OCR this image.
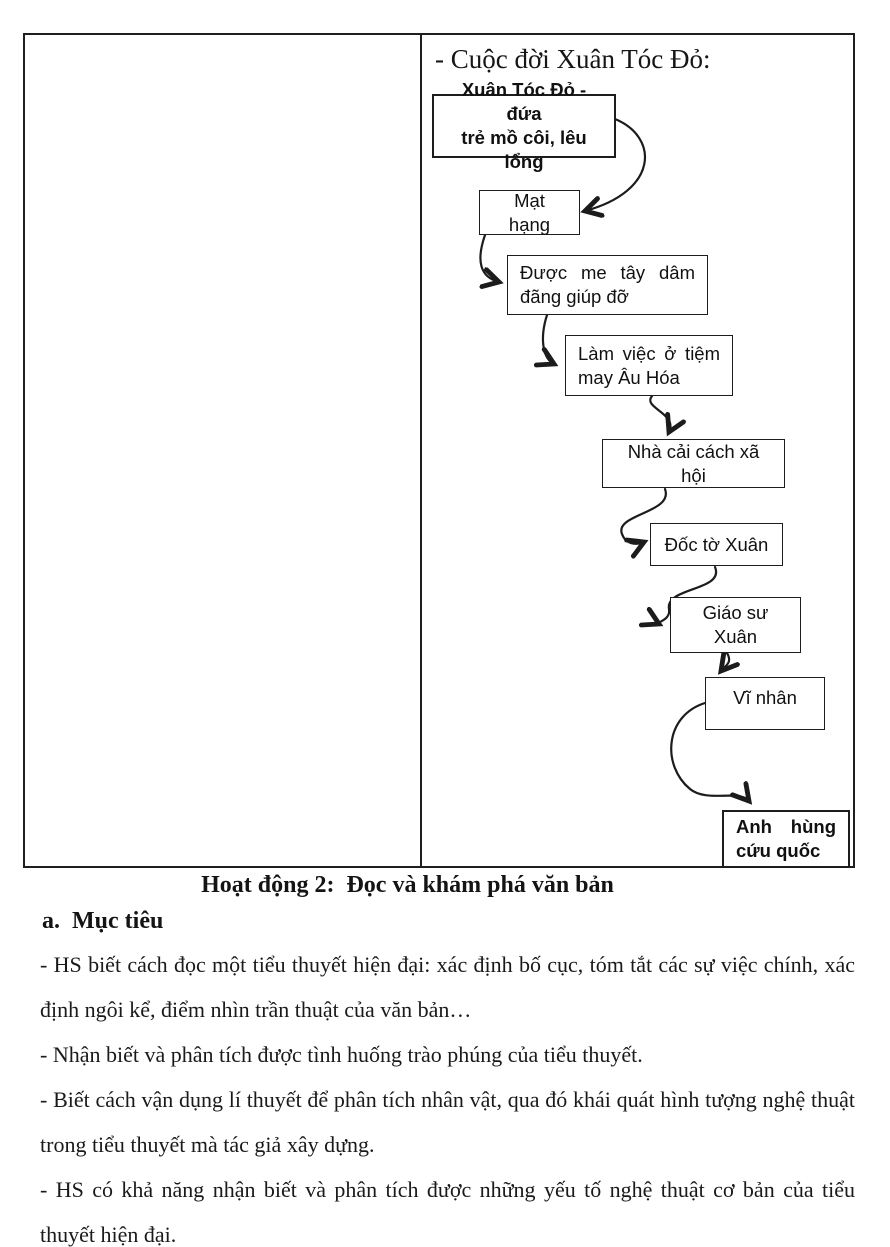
- Cuộc đời Xuân Tóc Đỏ:
Xuân Tóc Đỏ - đứa
trẻ mồ côi, lêu lổng
Mạt hạng
Được me tây dâm
đãng giúp đỡ
Làm việc ở tiệm
may Âu Hóa
Nhà cải cách xã hội
Đốc tờ Xuân
Giáo sư Xuân
Vĩ nhân
Anh hùng
cứu quốc
Hoạt động 2:  Đọc và khám phá văn bản
a.  Mục tiêu

- HS biết cách đọc một tiểu thuyết hiện đại: xác định bố cục, tóm tắt các sự việc chính, xác định ngôi kể, điểm nhìn trần thuật của văn bản…

- Nhận biết và phân tích được tình huống trào phúng của tiểu thuyết.

- Biết cách vận dụng lí thuyết để phân tích nhân vật, qua đó khái quát hình tượng nghệ thuật trong tiểu thuyết mà tác giả xây dựng.

- HS có khả năng nhận biết và phân tích được những yếu tố nghệ thuật cơ bản của tiểu thuyết hiện đại.
